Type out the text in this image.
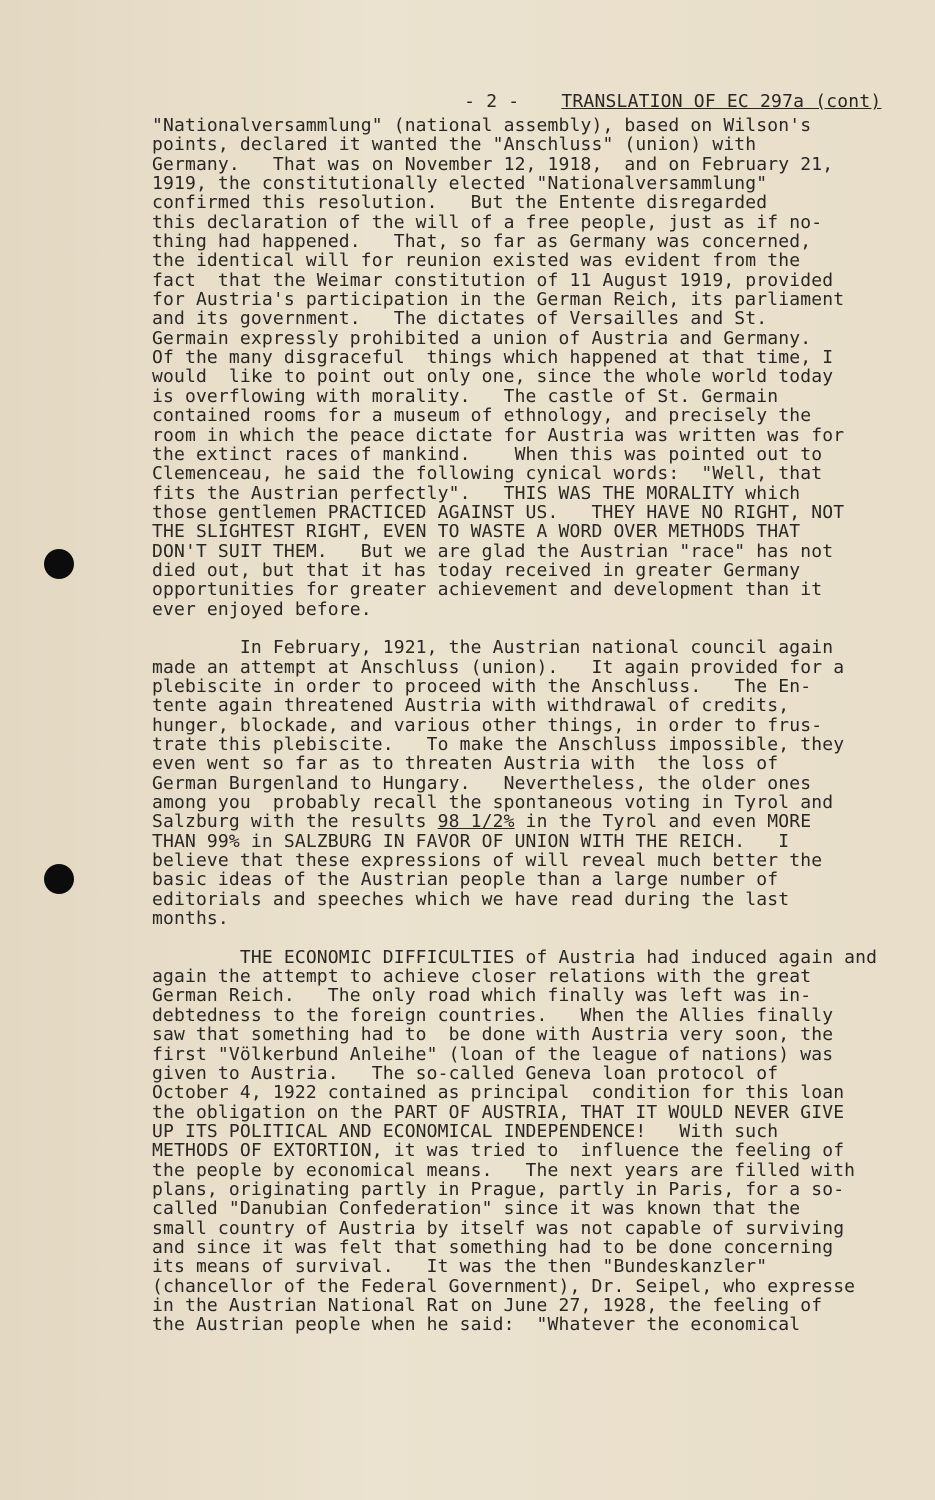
- 2 - TRANSLATION OF EC 297a (cont)

"Nationalversammlung" (national assembly), based on Wilson's
points, declared it wanted the "Anschluss" (union) with
Germany.   That was on November 12, 1918,  and on February 21,
1919, the constitutionally elected "Nationalversammlung"
confirmed this resolution.   But the Entente disregarded
this declaration of the will of a free people, just as if no-
thing had happened.   That, so far as Germany was concerned,
the identical will for reunion existed was evident from the
fact  that the Weimar constitution of 11 August 1919, provided
for Austria's participation in the German Reich, its parliament
and its government.   The dictates of Versailles and St.
Germain expressly prohibited a union of Austria and Germany.
Of the many disgraceful  things which happened at that time, I
would  like to point out only one, since the whole world today
is overflowing with morality.   The castle of St. Germain
contained rooms for a museum of ethnology, and precisely the
room in which the peace dictate for Austria was written was for
the extinct races of mankind.    When this was pointed out to
Clemenceau, he said the following cynical words:  "Well, that
fits the Austrian perfectly".   THIS WAS THE MORALITY which
those gentlemen PRACTICED AGAINST US.   THEY HAVE NO RIGHT, NOT
THE SLIGHTEST RIGHT, EVEN TO WASTE A WORD OVER METHODS THAT
DON'T SUIT THEM.   But we are glad the Austrian "race" has not
died out, but that it has today received in greater Germany
opportunities for greater achievement and development than it
ever enjoyed before.
In February, 1921, the Austrian national council again
made an attempt at Anschluss (union).   It again provided for a
plebiscite in order to proceed with the Anschluss.   The En-
tente again threatened Austria with withdrawal of credits,
hunger, blockade, and various other things, in order to frus-
trate this plebiscite.   To make the Anschluss impossible, they
even went so far as to threaten Austria with  the loss of
German Burgenland to Hungary.   Nevertheless, the older ones
among you  probably recall the spontaneous voting in Tyrol and
Salzburg with the results 98 1/2% in the Tyrol and even MORE
THAN 99% in SALZBURG IN FAVOR OF UNION WITH THE REICH.   I
believe that these expressions of will reveal much better the
basic ideas of the Austrian people than a large number of
editorials and speeches which we have read during the last
months.
THE ECONOMIC DIFFICULTIES of Austria had induced again and
again the attempt to achieve closer relations with the great
German Reich.   The only road which finally was left was in-
debtedness to the foreign countries.   When the Allies finally
saw that something had to  be done with Austria very soon, the
first "Völkerbund Anleihe" (loan of the league of nations) was
given to Austria.   The so-called Geneva loan protocol of
October 4, 1922 contained as principal  condition for this loan
the obligation on the PART OF AUSTRIA, THAT IT WOULD NEVER GIVE
UP ITS POLITICAL AND ECONOMICAL INDEPENDENCE!   With such
METHODS OF EXTORTION, it was tried to  influence the feeling of
the people by economical means.   The next years are filled with
plans, originating partly in Prague, partly in Paris, for a so-
called "Danubian Confederation" since it was known that the
small country of Austria by itself was not capable of surviving
and since it was felt that something had to be done concerning
its means of survival.   It was the then "Bundeskanzler"
(chancellor of the Federal Government), Dr. Seipel, who expresse
in the Austrian National Rat on June 27, 1928, the feeling of
the Austrian people when he said:  "Whatever the economical
